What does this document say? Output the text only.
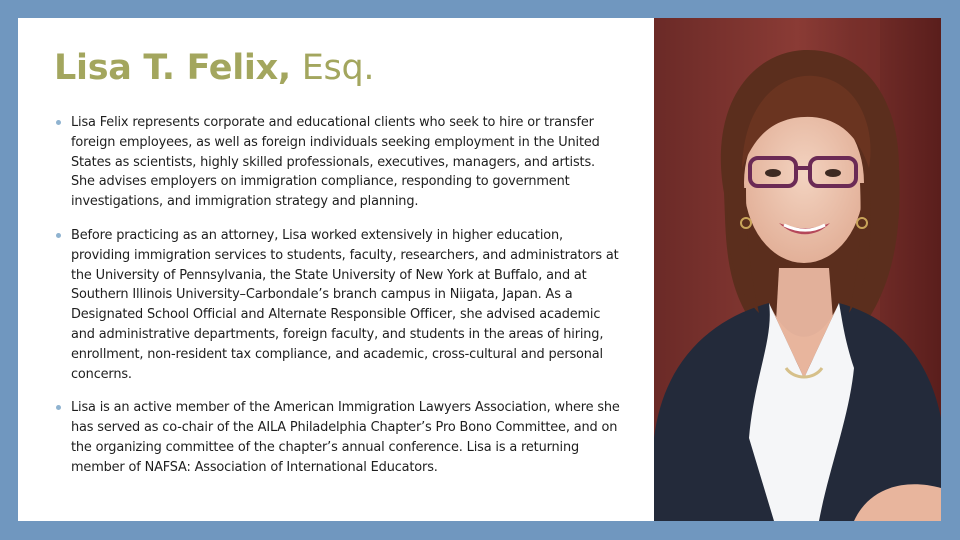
Lisa T. Felix, Esq.
Lisa Felix represents corporate and educational clients who seek to hire or transfer foreign employees, as well as foreign individuals seeking employment in the United States as scientists, highly skilled professionals, executives, managers, and artists. She advises employers on immigration compliance, responding to government investigations, and immigration strategy and planning.
Before practicing as an attorney, Lisa worked extensively in higher education, providing immigration services to students, faculty, researchers, and administrators at the University of Pennsylvania, the State University of New York at Buffalo, and at Southern Illinois University–Carbondale’s branch campus in Niigata, Japan. As a Designated School Official and Alternate Responsible Officer, she advised academic and administrative departments, foreign faculty, and students in the areas of hiring, enrollment, non-resident tax compliance, and academic, cross-cultural and personal concerns.
Lisa is an active member of the American Immigration Lawyers Association, where she has served as co-chair of the AILA Philadelphia Chapter’s Pro Bono Committee, and on the organizing committee of the chapter’s annual conference. Lisa is a returning member of NAFSA: Association of International Educators.
